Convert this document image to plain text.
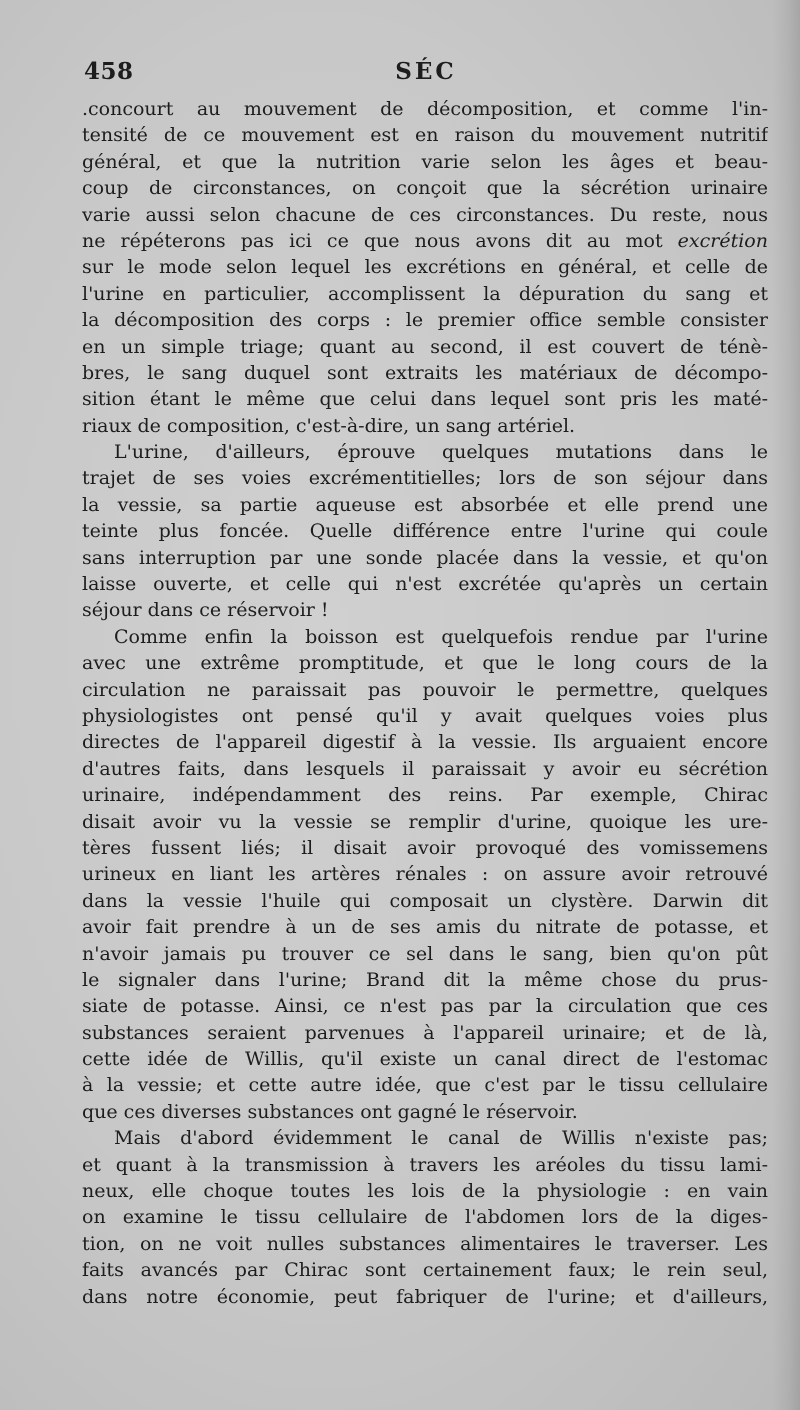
458	SÉC
.concourt au mouvement de décomposition, et comme l'in-
tensité de ce mouvement est en raison du mouvement nutritif
général, et que la nutrition varie selon les âges et beau-
coup de circonstances, on conçoit que la sécrétion urinaire
varie aussi selon chacune de ces circonstances. Du reste, nous
ne répéterons pas ici ce que nous avons dit au mot excrétion
sur le mode selon lequel les excrétions en général, et celle de
l'urine en particulier, accomplissent la dépuration du sang et
la décomposition des corps : le premier office semble consister
en un simple triage; quant au second, il est couvert de ténè-
bres, le sang duquel sont extraits les matériaux de décompo-
sition étant le même que celui dans lequel sont pris les maté-
riaux de composition, c'est-à-dire, un sang artériel.
L'urine, d'ailleurs, éprouve quelques mutations dans le
trajet de ses voies excrémentitielles; lors de son séjour dans
la vessie, sa partie aqueuse est absorbée et elle prend une
teinte plus foncée. Quelle différence entre l'urine qui coule
sans interruption par une sonde placée dans la vessie, et qu'on
laisse ouverte, et celle qui n'est excrétée qu'après un certain
séjour dans ce réservoir !
Comme enfin la boisson est quelquefois rendue par l'urine
avec une extrême promptitude, et que le long cours de la
circulation ne paraissait pas pouvoir le permettre, quelques
physiologistes ont pensé qu'il y avait quelques voies plus
directes de l'appareil digestif à la vessie. Ils arguaient encore
d'autres faits, dans lesquels il paraissait y avoir eu sécrétion
urinaire, indépendamment des reins. Par exemple, Chirac
disait avoir vu la vessie se remplir d'urine, quoique les ure-
tères fussent liés; il disait avoir provoqué des vomissemens
urineux en liant les artères rénales : on assure avoir retrouvé
dans la vessie l'huile qui composait un clystère. Darwin dit
avoir fait prendre à un de ses amis du nitrate de potasse, et
n'avoir jamais pu trouver ce sel dans le sang, bien qu'on pût
le signaler dans l'urine; Brand dit la même chose du prus-
siate de potasse. Ainsi, ce n'est pas par la circulation que ces
substances seraient parvenues à l'appareil urinaire; et de là,
cette idée de Willis, qu'il existe un canal direct de l'estomac
à la vessie; et cette autre idée, que c'est par le tissu cellulaire
que ces diverses substances ont gagné le réservoir.
Mais d'abord évidemment le canal de Willis n'existe pas;
et quant à la transmission à travers les aréoles du tissu lami-
neux, elle choque toutes les lois de la physiologie : en vain
on examine le tissu cellulaire de l'abdomen lors de la diges-
tion, on ne voit nulles substances alimentaires le traverser. Les
faits avancés par Chirac sont certainement faux; le rein seul,
dans notre économie, peut fabriquer de l'urine; et d'ailleurs,
